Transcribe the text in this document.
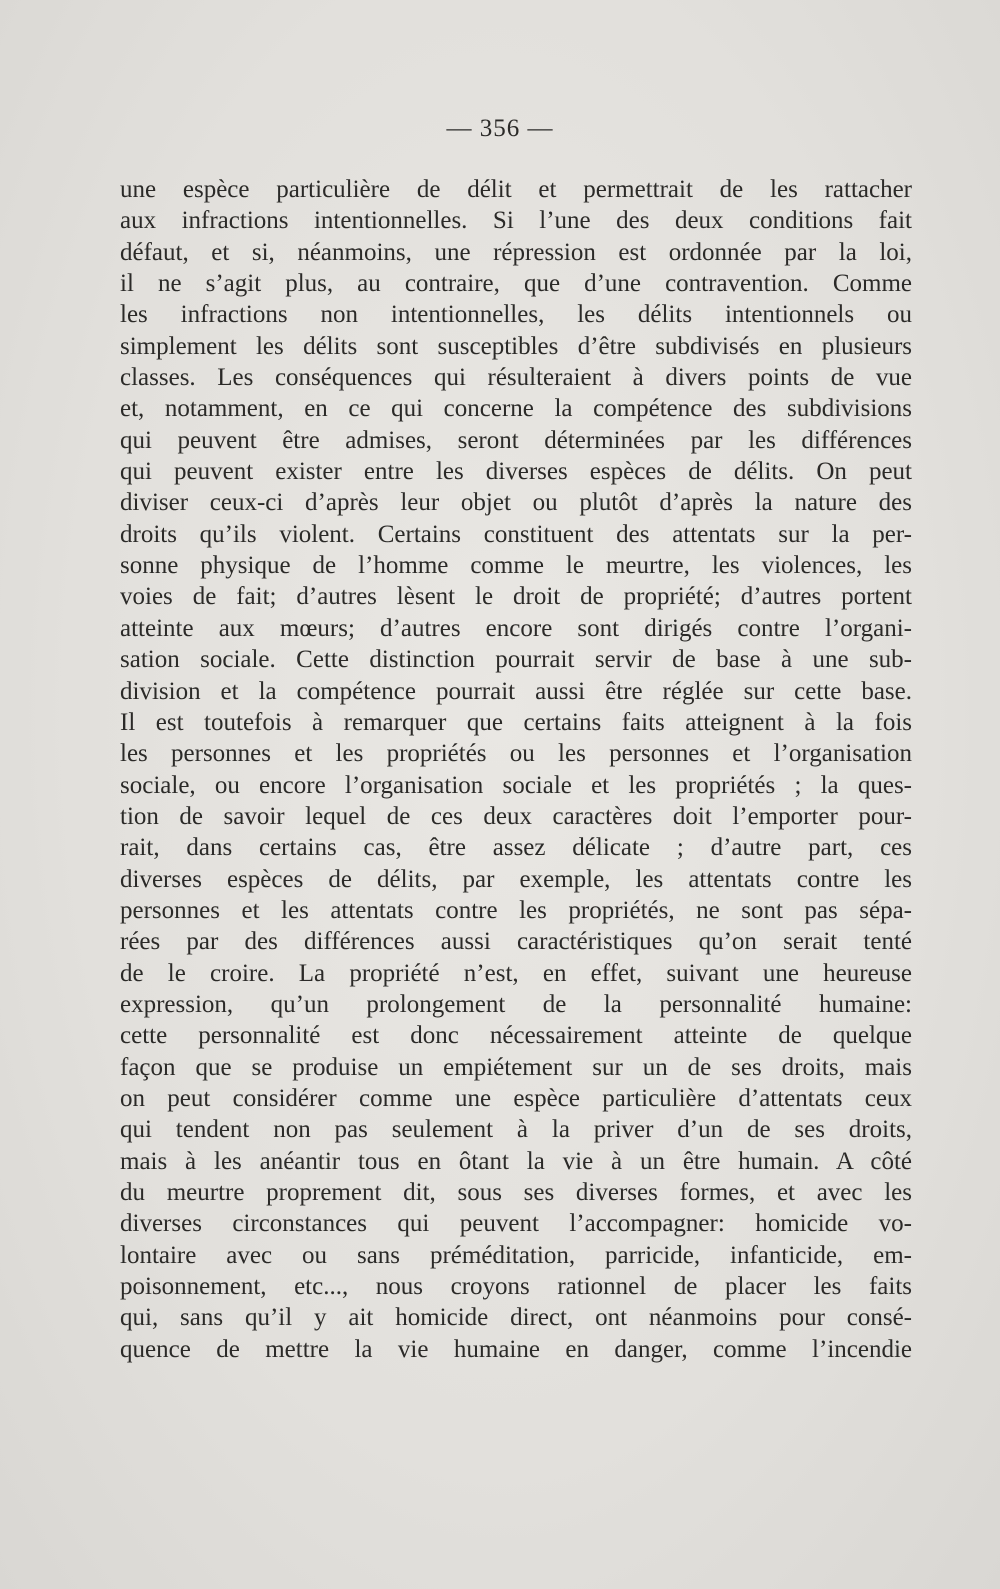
— 356 —
une espèce particulière de délit et permettrait de les rattacher
aux infractions intentionnelles. Si l’une des deux conditions fait
défaut, et si, néanmoins, une répression est ordonnée par la loi,
il ne s’agit plus, au contraire, que d’une contravention. Comme
les infractions non intentionnelles, les délits intentionnels ou
simplement les délits sont susceptibles d’être subdivisés en plusieurs
classes. Les conséquences qui résulteraient à divers points de vue
et, notamment, en ce qui concerne la compétence des subdivisions
qui peuvent être admises, seront déterminées par les différences
qui peuvent exister entre les diverses espèces de délits. On peut
diviser ceux-ci d’après leur objet ou plutôt d’après la nature des
droits qu’ils violent. Certains constituent des attentats sur la per-
sonne physique de l’homme comme le meurtre, les violences, les
voies de fait; d’autres lèsent le droit de propriété; d’autres portent
atteinte aux mœurs; d’autres encore sont dirigés contre l’organi-
sation sociale. Cette distinction pourrait servir de base à une sub-
division et la compétence pourrait aussi être réglée sur cette base.
Il est toutefois à remarquer que certains faits atteignent à la fois
les personnes et les propriétés ou les personnes et l’organisation
sociale, ou encore l’organisation sociale et les propriétés ; la ques-
tion de savoir lequel de ces deux caractères doit l’emporter pour-
rait, dans certains cas, être assez délicate ; d’autre part, ces
diverses espèces de délits, par exemple, les attentats contre les
personnes et les attentats contre les propriétés, ne sont pas sépa-
rées par des différences aussi caractéristiques qu’on serait tenté
de le croire. La propriété n’est, en effet, suivant une heureuse
expression, qu’un prolongement de la personnalité humaine:
cette personnalité est donc nécessairement atteinte de quelque
façon que se produise un empiétement sur un de ses droits, mais
on peut considérer comme une espèce particulière d’attentats ceux
qui tendent non pas seulement à la priver d’un de ses droits,
mais à les anéantir tous en ôtant la vie à un être humain. A côté
du meurtre proprement dit, sous ses diverses formes, et avec les
diverses circonstances qui peuvent l’accompagner: homicide vo-
lontaire avec ou sans préméditation, parricide, infanticide, em-
poisonnement, etc..., nous croyons rationnel de placer les faits
qui, sans qu’il y ait homicide direct, ont néanmoins pour consé-
quence de mettre la vie humaine en danger, comme l’incendie
